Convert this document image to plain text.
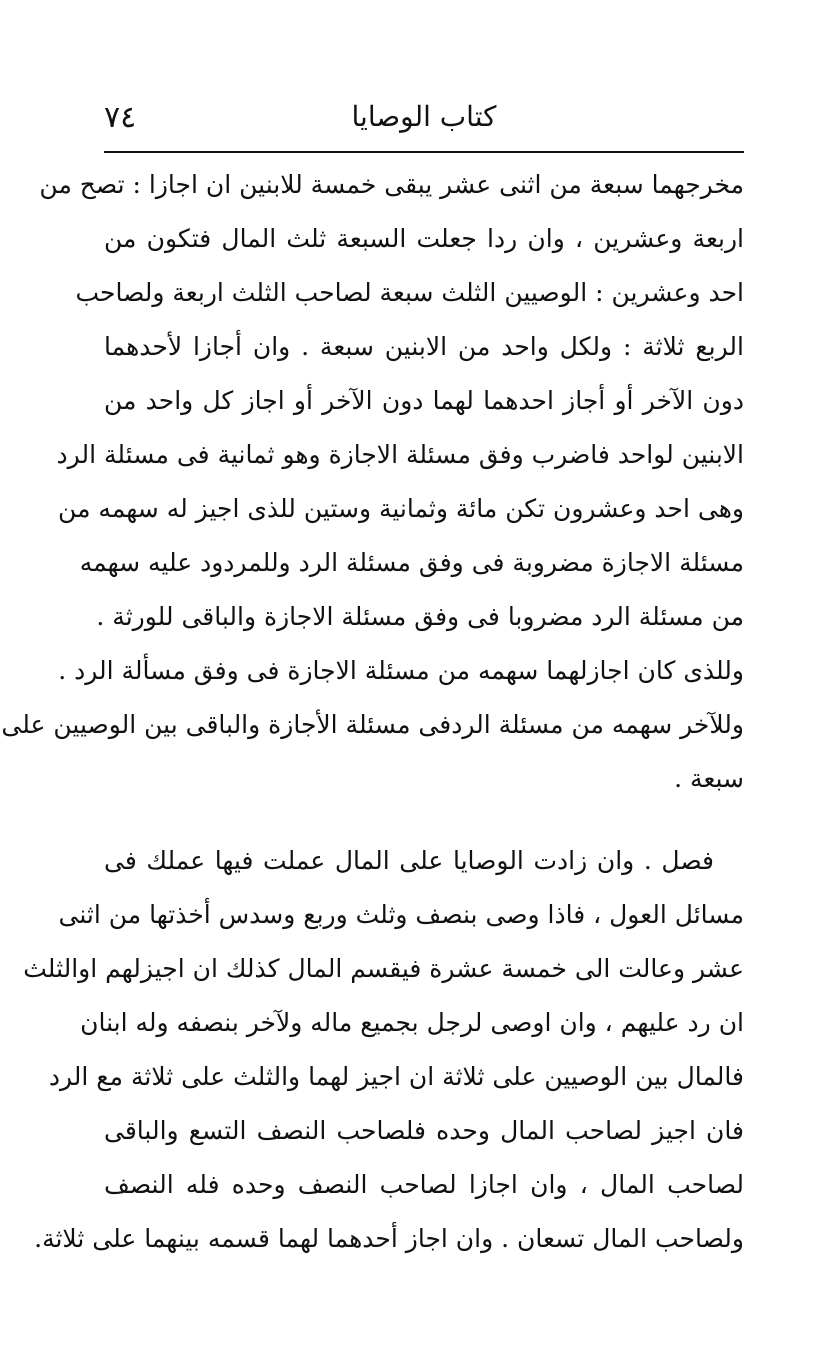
٧٤	كتاب الوصايا
مخرجهما سبعة من اثنى عشر يبقى خمسة للابنين ان اجازا : تصح من
اربعة وعشرين ، وان ردا جعلت السبعة ثلث المال فتكون من
احد وعشرين : الوصيين الثلث سبعة لصاحب الثلث اربعة ولصاحب
الربع ثلاثة : ولكل واحد من الابنين سبعة . وان أجازا لأحدهما
دون الآخر أو أجاز احدهما لهما دون الآخر أو اجاز كل واحد من
الابنين لواحد فاضرب وفق مسئلة الاجازة وهو ثمانية فى مسئلة الرد
وهى احد وعشرون تكن مائة وثمانية وستين للذى اجيز له سهمه من
مسئلة الاجازة مضروبة فى وفق مسئلة الرد وللمردود عليه سهمه
من مسئلة الرد مضروبا فى وفق مسئلة الاجازة والباقى للورثة .
وللذى كان اجازلهما سهمه من مسئلة الاجازة فى وفق مسألة الرد .
وللآخر سهمه من مسئلة الردفى مسئلة الأجازة والباقى بين الوصيين على
سبعة .
فصل . وان زادت الوصايا على المال عملت فيها عملك فى
مسائل العول ، فاذا وصى بنصف وثلث وربع وسدس أخذتها من اثنى
عشر وعالت الى خمسة عشرة فيقسم المال كذلك ان اجيزلهم اوالثلث
ان رد عليهم ، وان اوصى لرجل بجميع ماله ولآخر بنصفه وله ابنان
فالمال بين الوصيين على ثلاثة ان اجيز لهما والثلث على ثلاثة مع الرد
فان اجيز لصاحب المال وحده فلصاحب النصف التسع والباقى
لصاحب المال ، وان اجازا لصاحب النصف وحده فله النصف
ولصاحب المال تسعان . وان اجاز أحدهما لهما قسمه بينهما على ثلاثة.
